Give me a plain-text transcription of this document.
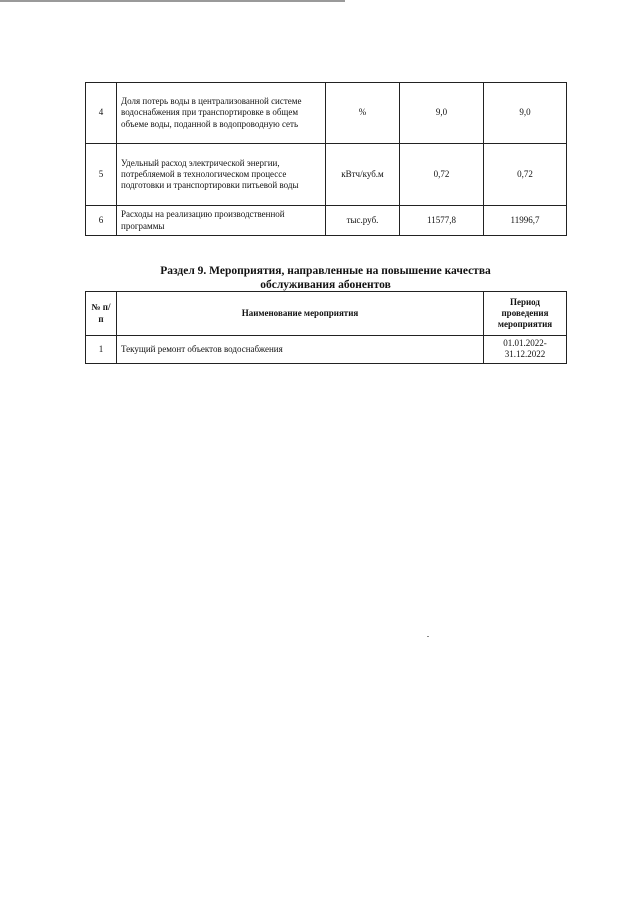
4	Доля потерь воды в централизованной системе водоснабжения при транспортировке в общем объеме воды, поданной в водопроводную сеть	%	9,0	9,0
5	Удельный расход электрической энергии, потребляемой в технологическом процессе подготовки и транспортировки питьевой воды	кВтч/куб.м	0,72	0,72
6	Расходы на реализацию производственной программы	тыс.руб.	11577,8	11996,7
Раздел 9. Мероприятия, направленные на повышение качества
обслуживания абонентов
№ п/п	Наименование мероприятия	Период проведения мероприятия
1	Текущий ремонт объектов водоснабжения	01.01.2022-31.12.2022
